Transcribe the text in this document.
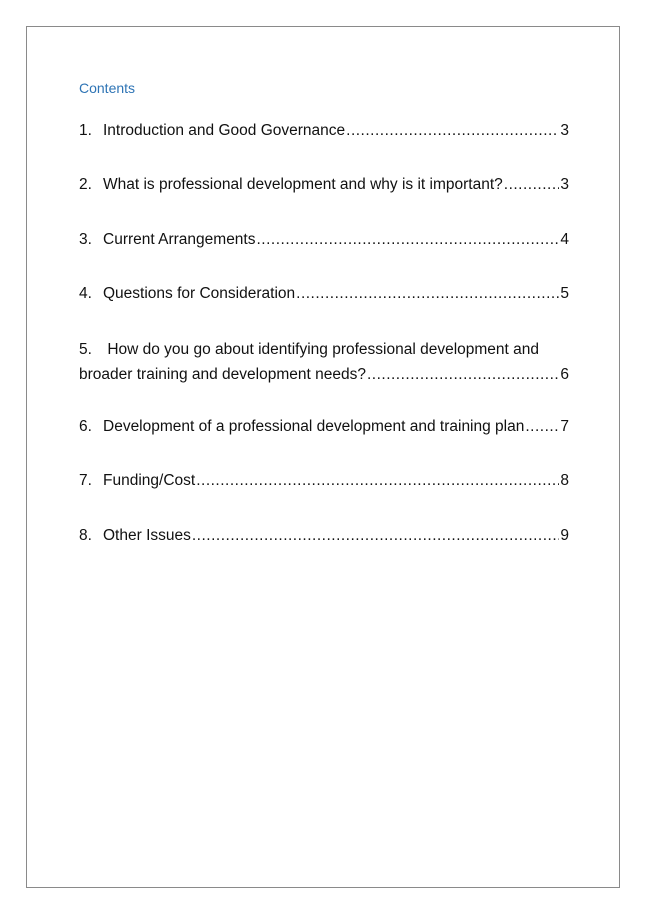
Contents
1. Introduction and Good Governance .....	3
2. What is professional development and why is it important? .....	3
3. Current Arrangements .....	4
4. Questions for Consideration .....	5
5. How do you go about identifying professional development and
broader training and development needs? .....	6
6. Development of a professional development and training plan ..... 7
7. Funding/Cost .....	8
8. Other Issues .....	9
